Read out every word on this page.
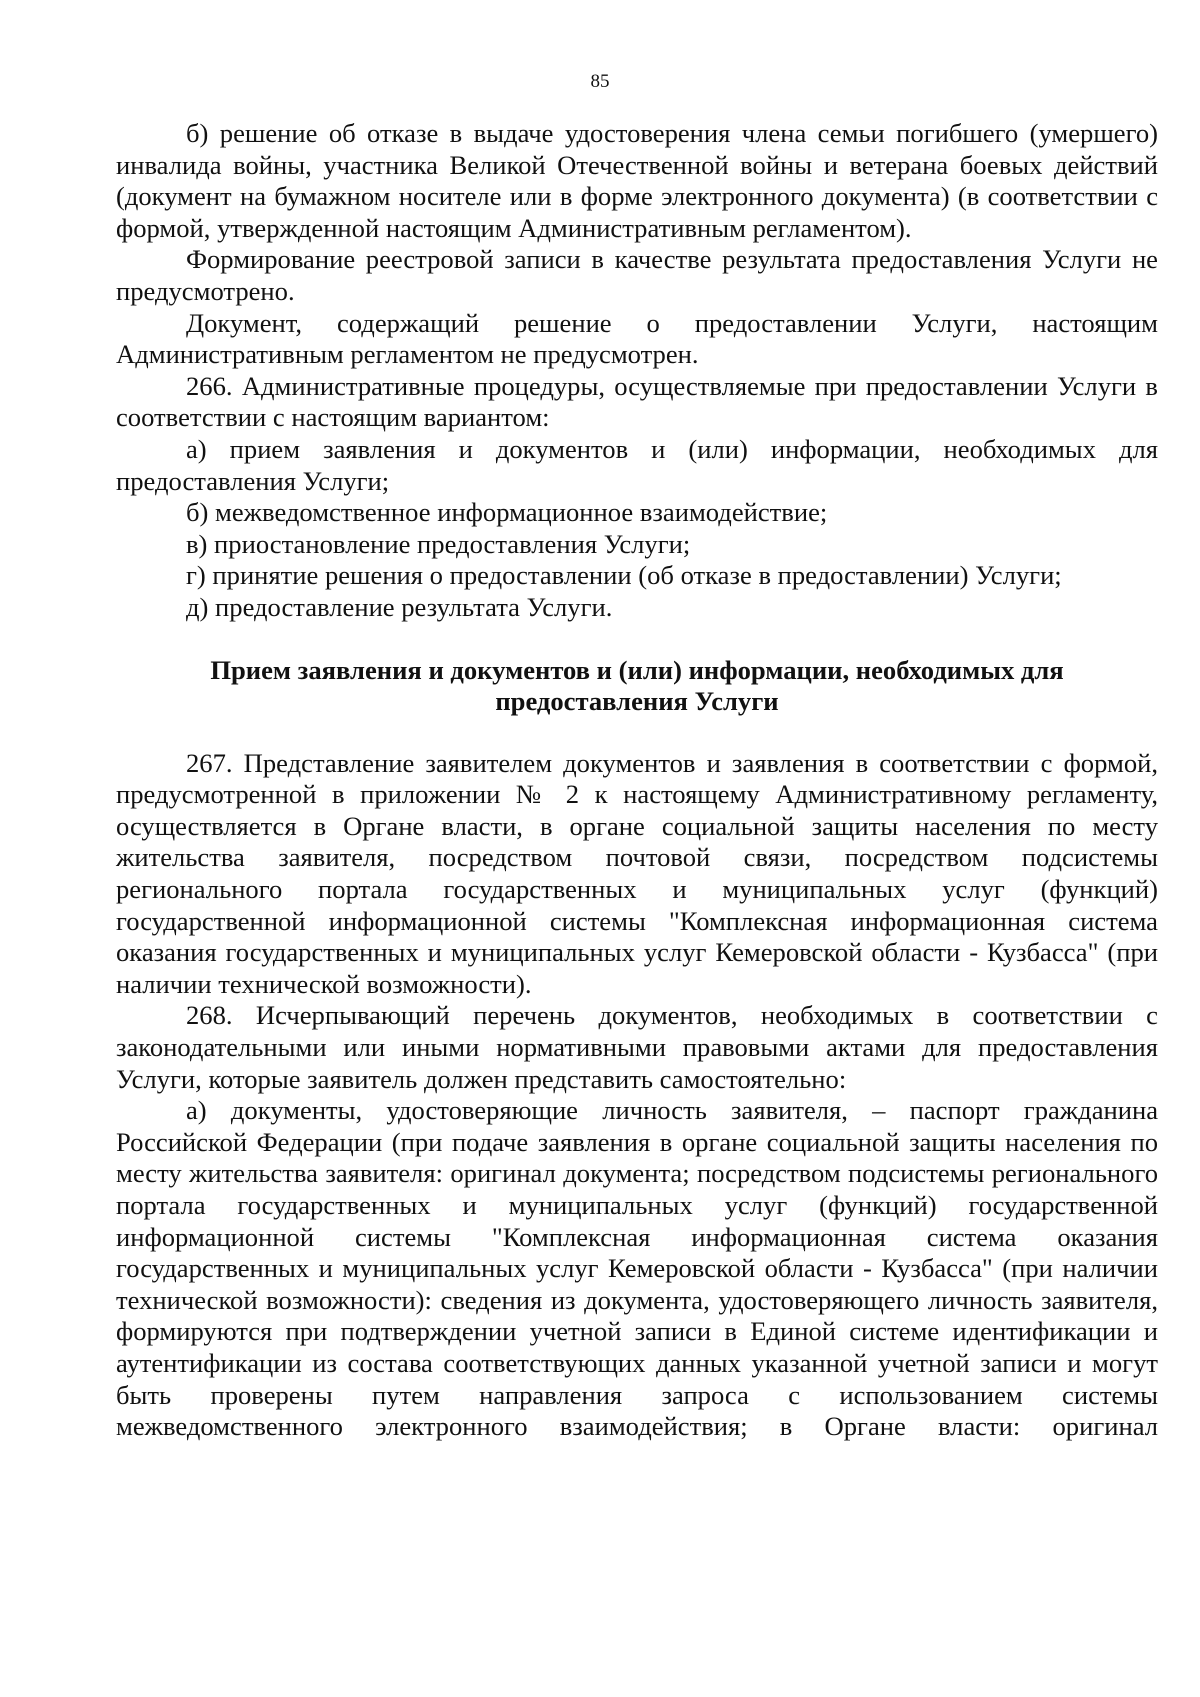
85

б) решение об отказе в выдаче удостоверения члена семьи погибшего (умершего) инвалида войны, участника Великой Отечественной войны и ветерана боевых действий (документ на бумажном носителе или в форме электронного документа) (в соответствии с формой, утвержденной настоящим Административным регламентом).

Формирование реестровой записи в качестве результата предоставления Услуги не предусмотрено.

Документ, содержащий решение о предоставлении Услуги, настоящим Административным регламентом не предусмотрен.

266. Административные процедуры, осуществляемые при предоставлении Услуги в соответствии с настоящим вариантом:

а) прием заявления и документов и (или) информации, необходимых для предоставления Услуги;

б) межведомственное информационное взаимодействие;

в) приостановление предоставления Услуги;

г) принятие решения о предоставлении (об отказе в предоставлении) Услуги;

д) предоставление результата Услуги.

Прием заявления и документов и (или) информации, необходимых для предоставления Услуги

267. Представление заявителем документов и заявления в соответствии с формой, предусмотренной в приложении № 2 к настоящему Административному регламенту, осуществляется в Органе власти, в органе социальной защиты населения по месту жительства заявителя, посредством почтовой связи, посредством подсистемы регионального портала государственных и муниципальных услуг (функций) государственной информационной системы "Комплексная информационная система оказания государственных и муниципальных услуг Кемеровской области - Кузбасса" (при наличии технической возможности).

268. Исчерпывающий перечень документов, необходимых в соответствии с законодательными или иными нормативными правовыми актами для предоставления Услуги, которые заявитель должен представить самостоятельно:

а) документы, удостоверяющие личность заявителя, – паспорт гражданина Российской Федерации (при подаче заявления в органе социальной защиты населения по месту жительства заявителя: оригинал документа; посредством подсистемы регионального портала государственных и муниципальных услуг (функций) государственной информационной системы "Комплексная информационная система оказания государственных и муниципальных услуг Кемеровской области - Кузбасса" (при наличии технической возможности): сведения из документа, удостоверяющего личность заявителя, формируются при подтверждении учетной записи в Единой системе идентификации и аутентификации из состава соответствующих данных указанной учетной записи и могут быть проверены путем направления запроса с использованием системы межведомственного электронного взаимодействия; в Органе власти: оригинал
